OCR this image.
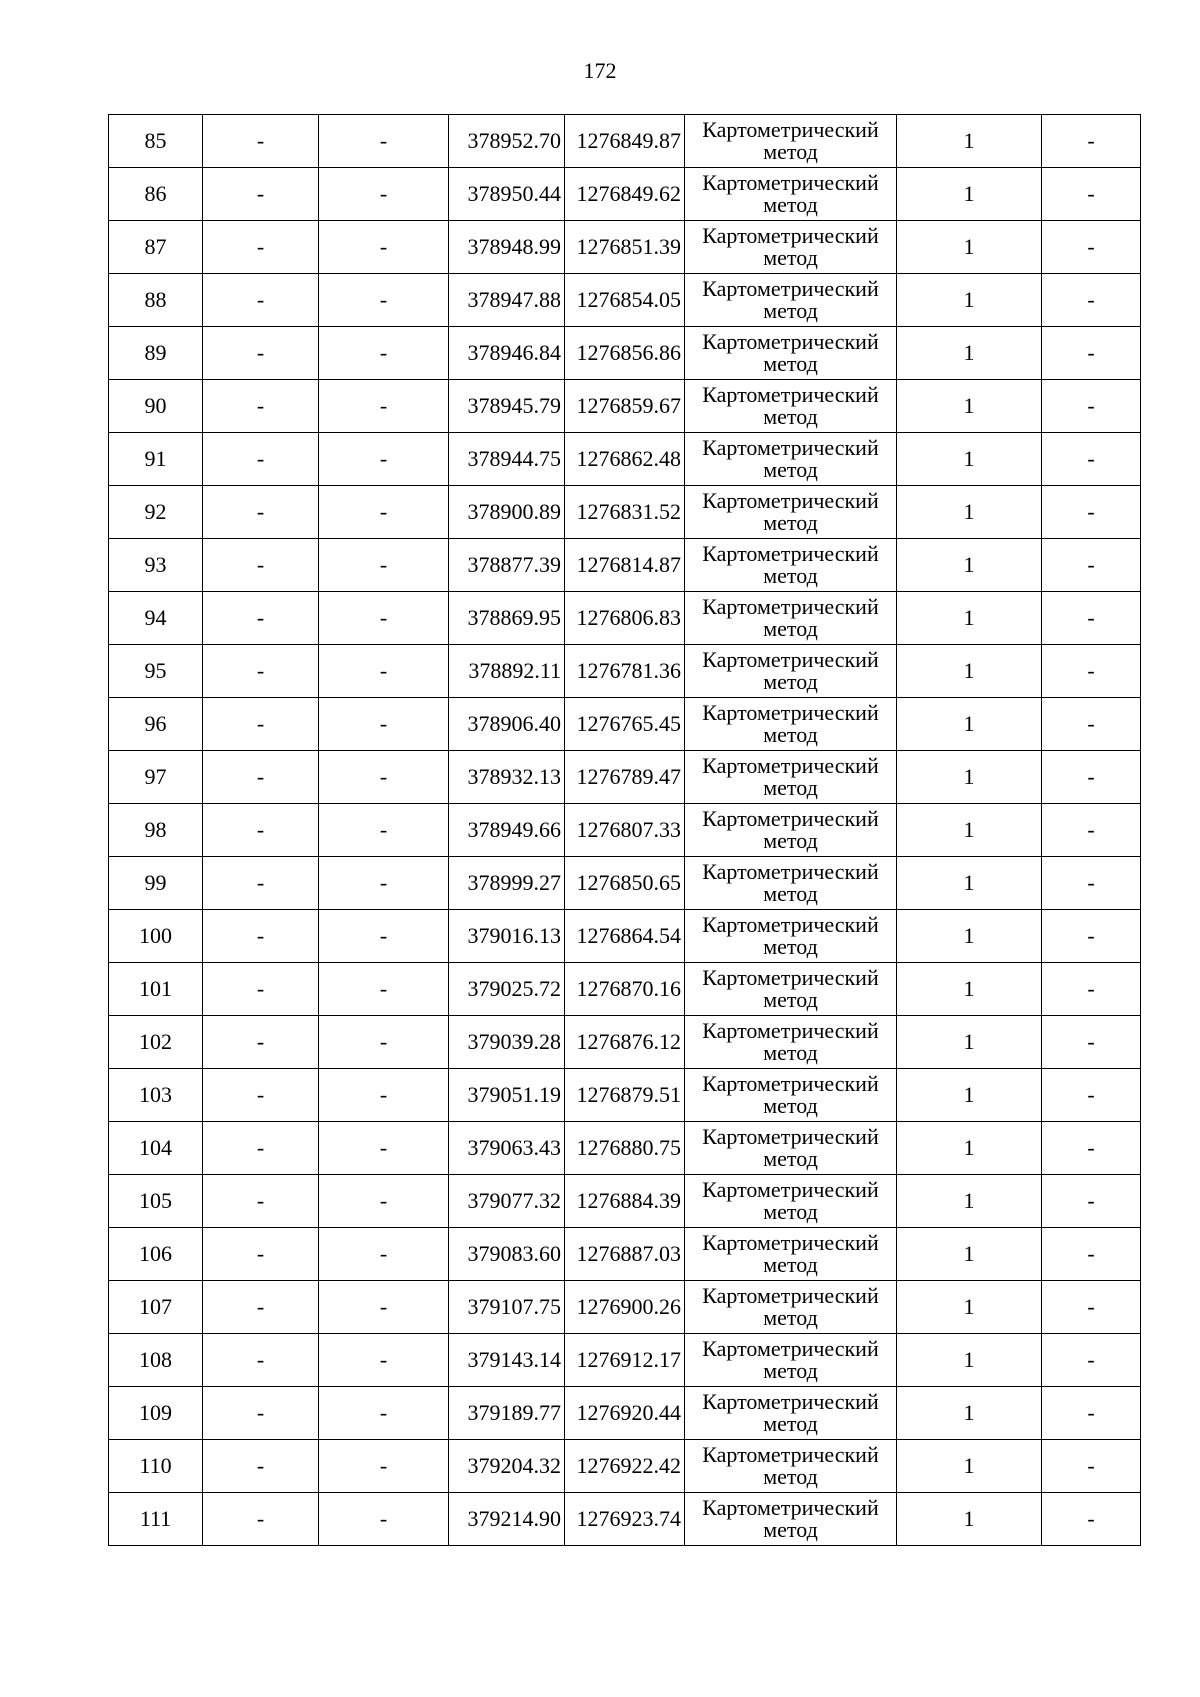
172
85	-	-	378952.70	1276849.87	Картометрический метод	1	-
86	-	-	378950.44	1276849.62	Картометрический метод	1	-
87	-	-	378948.99	1276851.39	Картометрический метод	1	-
88	-	-	378947.88	1276854.05	Картометрический метод	1	-
89	-	-	378946.84	1276856.86	Картометрический метод	1	-
90	-	-	378945.79	1276859.67	Картометрический метод	1	-
91	-	-	378944.75	1276862.48	Картометрический метод	1	-
92	-	-	378900.89	1276831.52	Картометрический метод	1	-
93	-	-	378877.39	1276814.87	Картометрический метод	1	-
94	-	-	378869.95	1276806.83	Картометрический метод	1	-
95	-	-	378892.11	1276781.36	Картометрический метод	1	-
96	-	-	378906.40	1276765.45	Картометрический метод	1	-
97	-	-	378932.13	1276789.47	Картометрический метод	1	-
98	-	-	378949.66	1276807.33	Картометрический метод	1	-
99	-	-	378999.27	1276850.65	Картометрический метод	1	-
100	-	-	379016.13	1276864.54	Картометрический метод	1	-
101	-	-	379025.72	1276870.16	Картометрический метод	1	-
102	-	-	379039.28	1276876.12	Картометрический метод	1	-
103	-	-	379051.19	1276879.51	Картометрический метод	1	-
104	-	-	379063.43	1276880.75	Картометрический метод	1	-
105	-	-	379077.32	1276884.39	Картометрический метод	1	-
106	-	-	379083.60	1276887.03	Картометрический метод	1	-
107	-	-	379107.75	1276900.26	Картометрический метод	1	-
108	-	-	379143.14	1276912.17	Картометрический метод	1	-
109	-	-	379189.77	1276920.44	Картометрический метод	1	-
110	-	-	379204.32	1276922.42	Картометрический метод	1	-
111	-	-	379214.90	1276923.74	Картометрический метод	1	-
